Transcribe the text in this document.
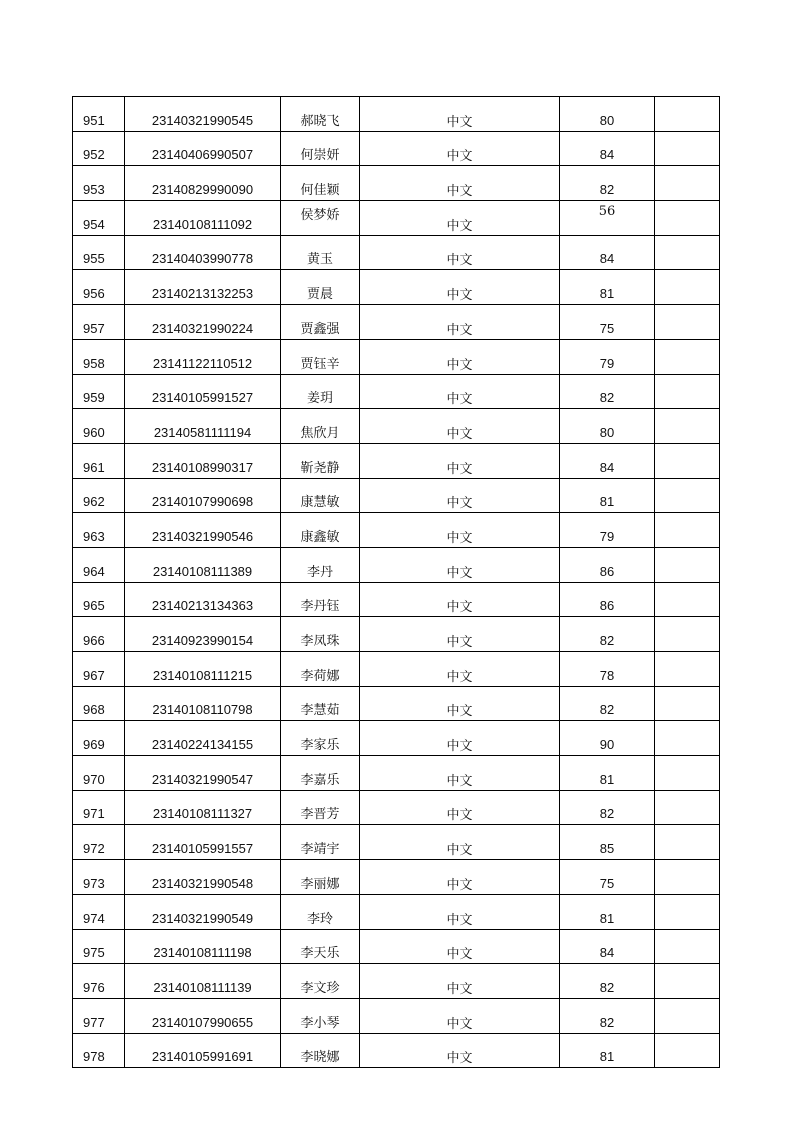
951	23140321990545	郝晓飞	中文	80	
952	23140406990507	何崇妍	中文	84	
953	23140829990090	何佳颖	中文	82	
954	23140108111092	侯梦娇	中文	56	
955	23140403990778	黄玉	中文	84	
956	23140213132253	贾晨	中文	81	
957	23140321990224	贾鑫强	中文	75	
958	23141122110512	贾钰辛	中文	79	
959	23140105991527	姜玥	中文	82	
960	23140581111194	焦欣月	中文	80	
961	23140108990317	靳尧静	中文	84	
962	23140107990698	康慧敏	中文	81	
963	23140321990546	康鑫敏	中文	79	
964	23140108111389	李丹	中文	86	
965	23140213134363	李丹钰	中文	86	
966	23140923990154	李凤珠	中文	82	
967	23140108111215	李荷娜	中文	78	
968	23140108110798	李慧茹	中文	82	
969	23140224134155	李家乐	中文	90	
970	23140321990547	李嘉乐	中文	81	
971	23140108111327	李晋芳	中文	82	
972	23140105991557	李靖宇	中文	85	
973	23140321990548	李丽娜	中文	75	
974	23140321990549	李玲	中文	81	
975	23140108111198	李天乐	中文	84	
976	23140108111139	李文珍	中文	82	
977	23140107990655	李小琴	中文	82	
978	23140105991691	李晓娜	中文	81	
